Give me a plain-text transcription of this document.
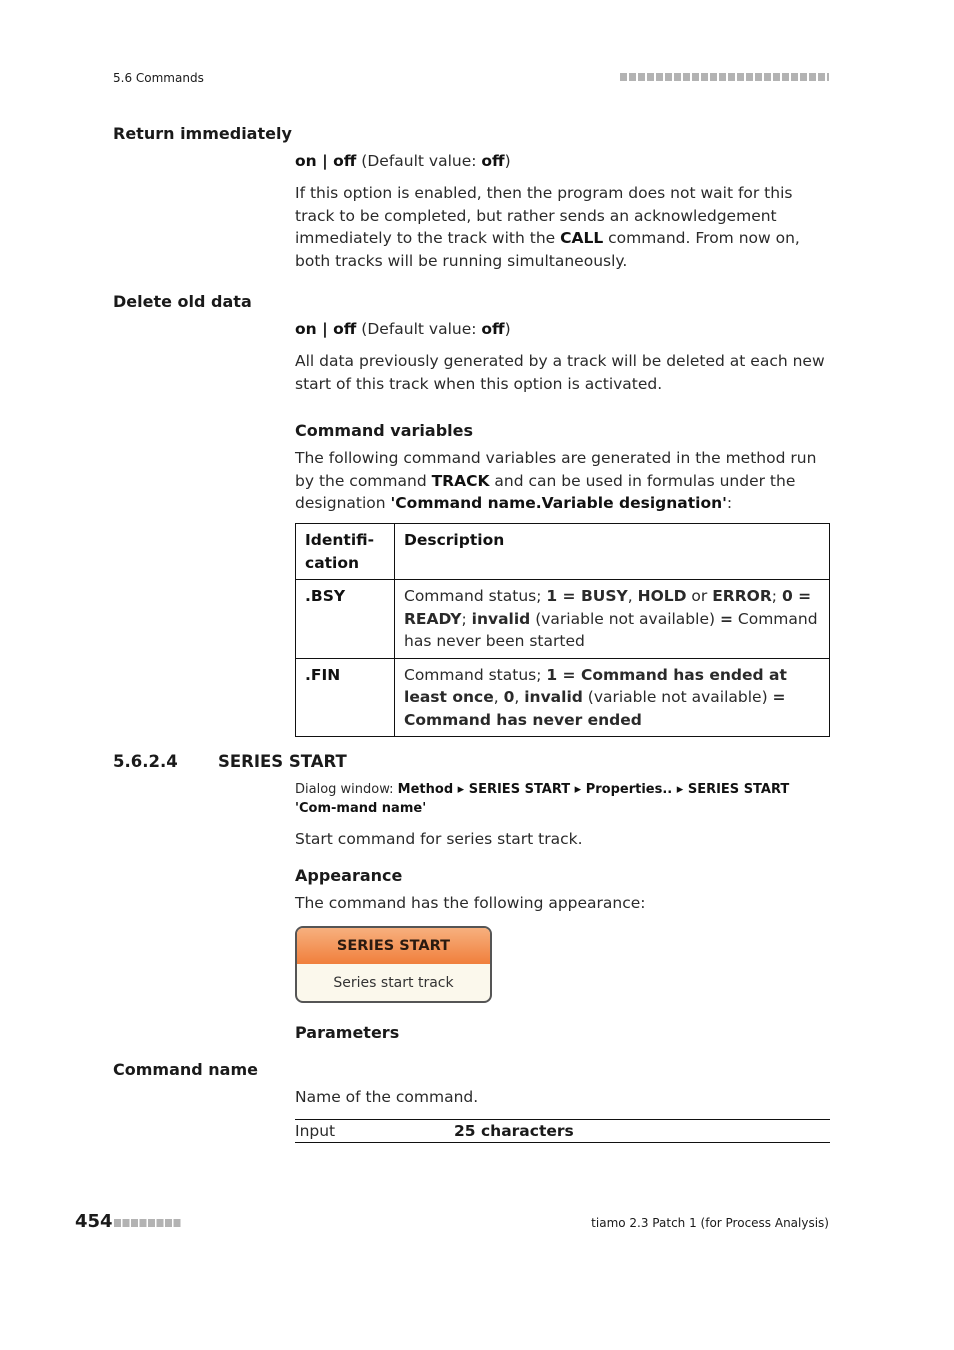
5.6 Commands
Return immediately
on | off (Default value: off)
If this option is enabled, then the program does not wait for this track to be completed, but rather sends an acknowledgement immediately to the track with the CALL command. From now on, both tracks will be running simultaneously.
Delete old data
on | off (Default value: off)
All data previously generated by a track will be deleted at each new start of this track when this option is activated.
Command variables
The following command variables are generated in the method run by the command TRACK and can be used in formulas under the designation 'Command name.Variable designation':
Identifi-
cation	Description
.BSY	Command status; 1 = BUSY, HOLD or ERROR; 0 = READY; invalid (variable not available) = Command has never been started
.FIN	Command status; 1 = Command has ended at least once, 0, invalid (variable not available) = Command has never ended
5.6.2.4 SERIES START
Dialog window: Method ▸ SERIES START ▸ Properties.. ▸ SERIES START 'Com-mand name'
Start command for series start track.
Appearance
The command has the following appearance:
SERIES START
Series start track
Parameters
Command name
Name of the command.
Input	25 characters
454	tiamo 2.3 Patch 1 (for Process Analysis)
